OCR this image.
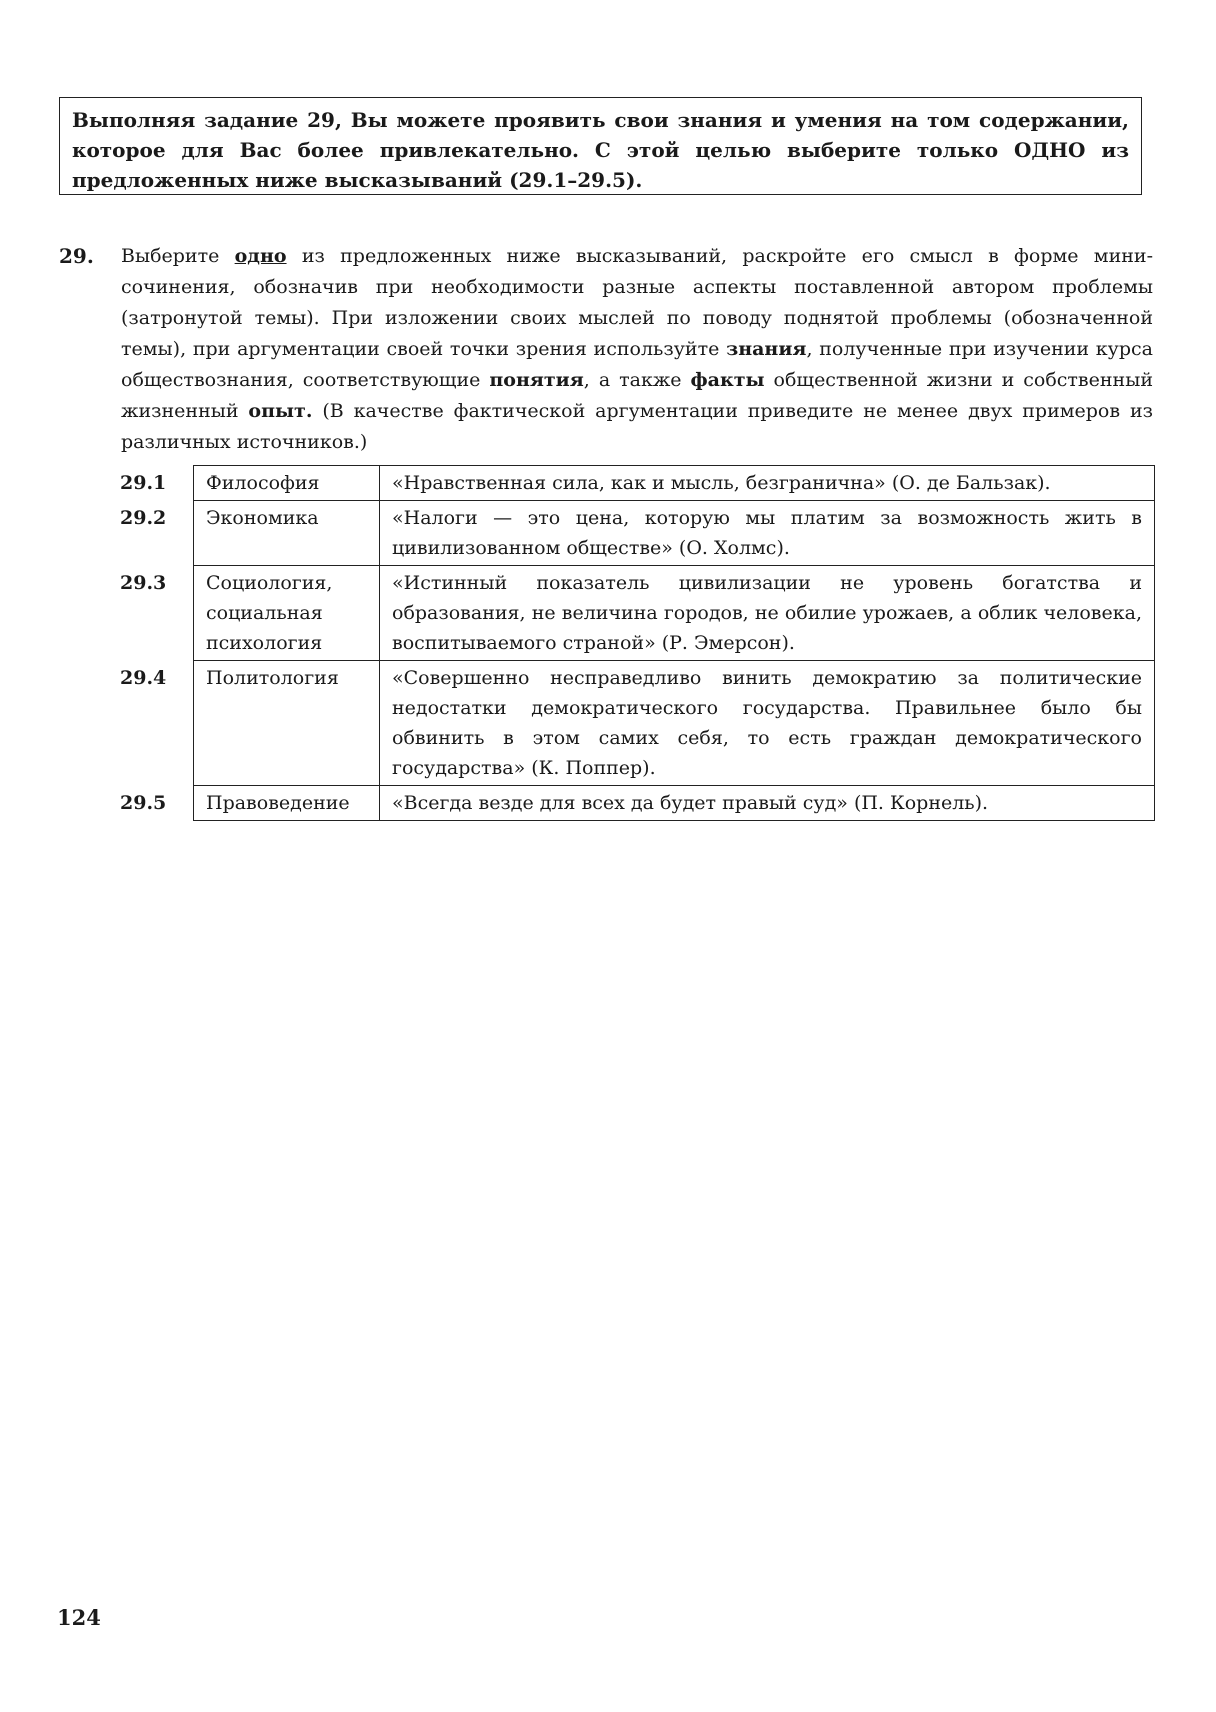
Выполняя задание 29, Вы можете проявить свои знания и умения на том содержании, которое для Вас более привлекательно. С этой целью выберите только ОДНО из предложенных ниже высказываний (29.1–29.5).
29. Выберите одно из предложенных ниже высказываний, раскройте его смысл в форме мини-сочинения, обозначив при необходимости разные аспекты поставленной автором проблемы (затронутой темы). При изложении своих мыслей по поводу поднятой проблемы (обозначенной темы), при аргументации своей точки зрения используйте знания, полученные при изучении курса обществознания, соответствующие понятия, а также факты общественной жизни и собственный жизненный опыт. (В качестве фактической аргументации приведите не менее двух примеров из различных источников.)
29.1	Философия	«Нравственная сила, как и мысль, безгранична» (О. де Бальзак).
29.2	Экономика	«Налоги — это цена, которую мы платим за возможность жить в цивилизованном обществе» (О. Холмс).
29.3	Социология, социальная психология	«Истинный показатель цивилизации не уровень богатства и образования, не величина городов, не обилие урожаев, а облик человека, воспитываемого страной» (Р. Эмерсон).
29.4	Политология	«Совершенно несправедливо винить демократию за политические недостатки демократического государства. Правильнее было бы обвинить в этом самих себя, то есть граждан демократического государства» (К. Поппер).
29.5	Правоведение	«Всегда везде для всех да будет правый суд» (П. Корнель).
124
